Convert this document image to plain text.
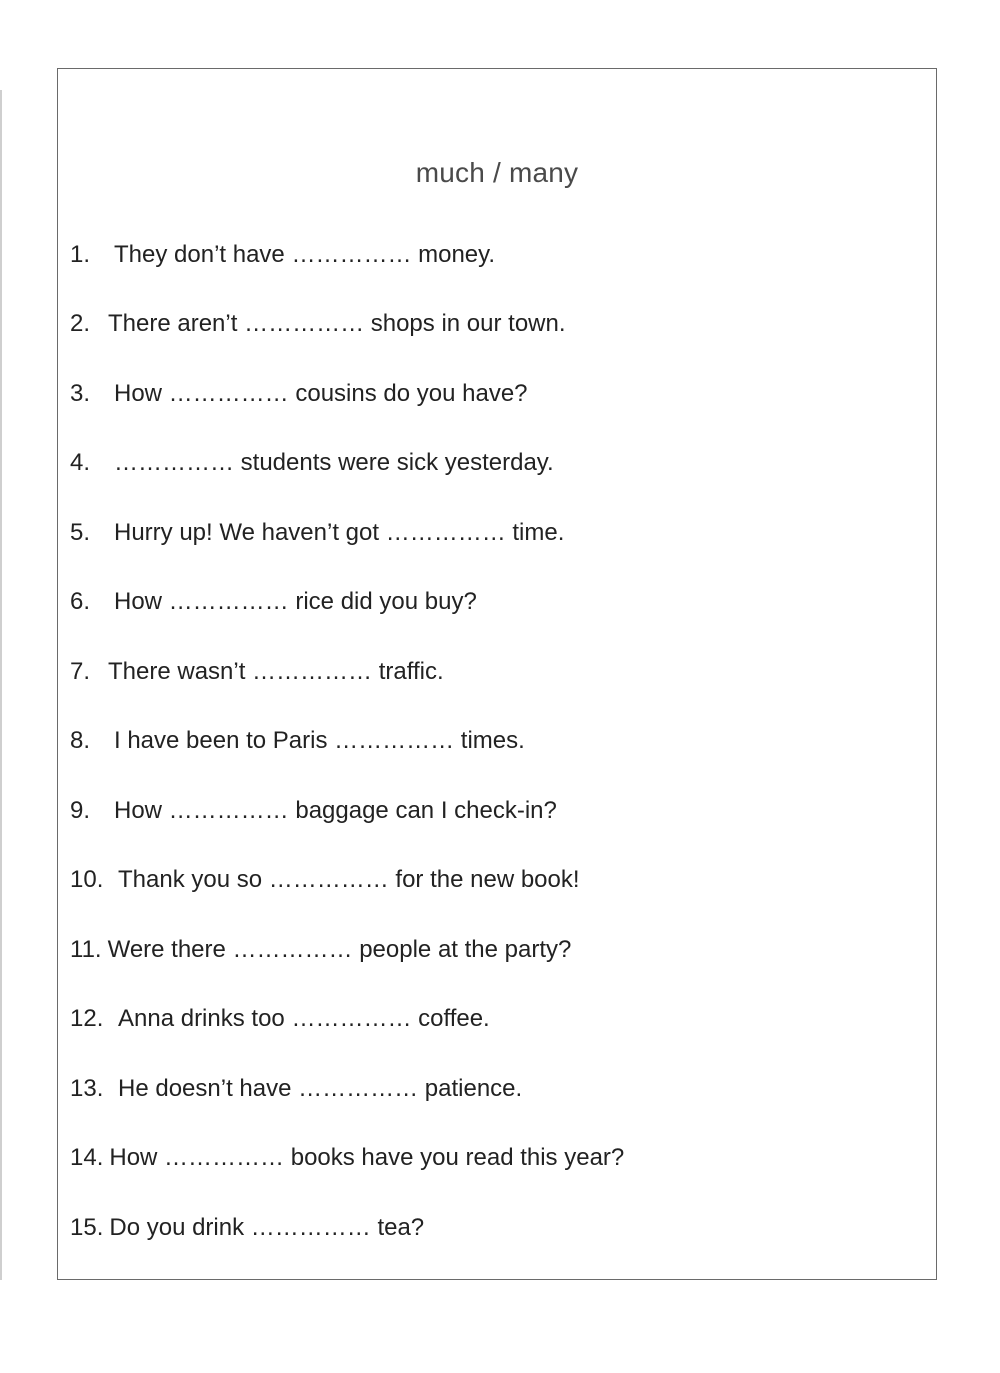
much / many
1. They don’t have …………… money.
2. There aren’t …………… shops in our town.
3. How …………… cousins do you have?
4. …………… students were sick yesterday.
5. Hurry up! We haven’t got …………… time.
6. How …………… rice did you buy?
7. There wasn’t …………… traffic.
8. I have been to Paris …………… times.
9. How …………… baggage can I check-in?
10. Thank you so …………… for the new book!
11. Were there …………… people at the party?
12. Anna drinks too …………… coffee.
13. He doesn’t have …………… patience.
14. How …………… books have you read this year?
15. Do you drink …………… tea?
